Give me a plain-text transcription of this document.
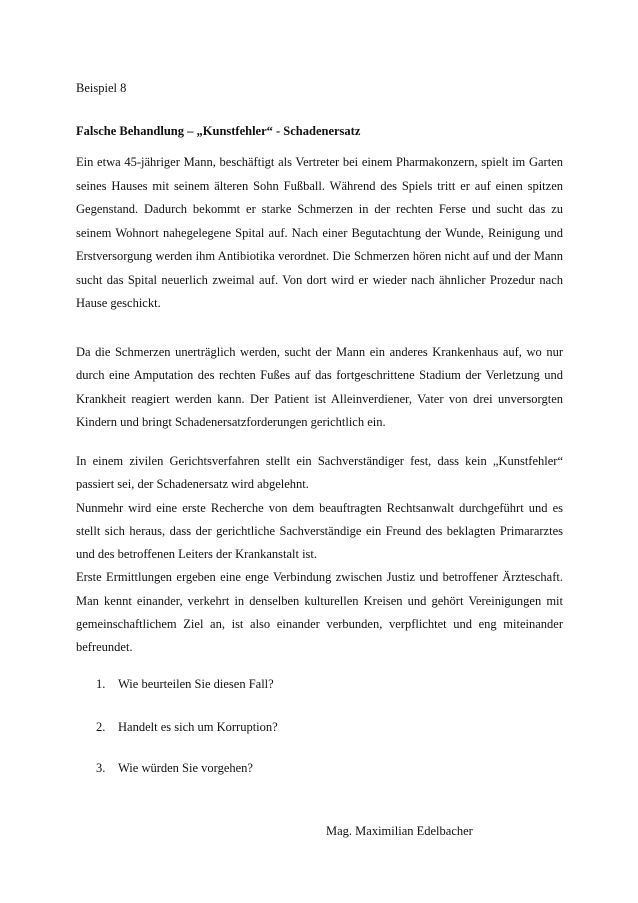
Beispiel 8
Falsche Behandlung – „Kunstfehler“ - Schadenersatz

Ein etwa 45-jähriger Mann, beschäftigt als Vertreter bei einem Pharmakonzern, spielt im Garten seines Hauses mit seinem älteren Sohn Fußball. Während des Spiels tritt er auf einen spitzen Gegenstand. Dadurch bekommt er starke Schmerzen in der rechten Ferse und sucht das zu seinem Wohnort nahegelegene Spital auf. Nach einer Begutachtung der Wunde, Reinigung und Erstversorgung werden ihm Antibiotika verordnet. Die Schmerzen hören nicht auf und der Mann sucht das Spital neuerlich zweimal auf. Von dort wird er wieder nach ähnlicher Prozedur nach Hause geschickt.

Da die Schmerzen unerträglich werden, sucht der Mann ein anderes Krankenhaus auf, wo nur durch eine Amputation des rechten Fußes auf das fortgeschrittene Stadium der Verletzung und Krankheit reagiert werden kann. Der Patient ist Alleinverdiener, Vater von drei unversorgten Kindern und bringt Schadenersatzforderungen gerichtlich ein.

In einem zivilen Gerichtsverfahren stellt ein Sachverständiger fest, dass kein „Kunstfehler“ passiert sei, der Schadenersatz wird abgelehnt.
Nunmehr wird eine erste Recherche von dem beauftragten Rechtsanwalt durchgeführt und es stellt sich heraus, dass der gerichtliche Sachverständige ein Freund des beklagten Primararztes und des betroffenen Leiters der Krankanstalt ist.
Erste Ermittlungen ergeben eine enge Verbindung zwischen Justiz und betroffener Ärzteschaft. Man kennt einander, verkehrt in denselben kulturellen Kreisen und gehört Vereinigungen mit gemeinschaftlichem Ziel an, ist also einander verbunden, verpflichtet und eng miteinander befreundet.
1. Wie beurteilen Sie diesen Fall?
2. Handelt es sich um Korruption?
3. Wie würden Sie vorgehen?
Mag. Maximilian Edelbacher
